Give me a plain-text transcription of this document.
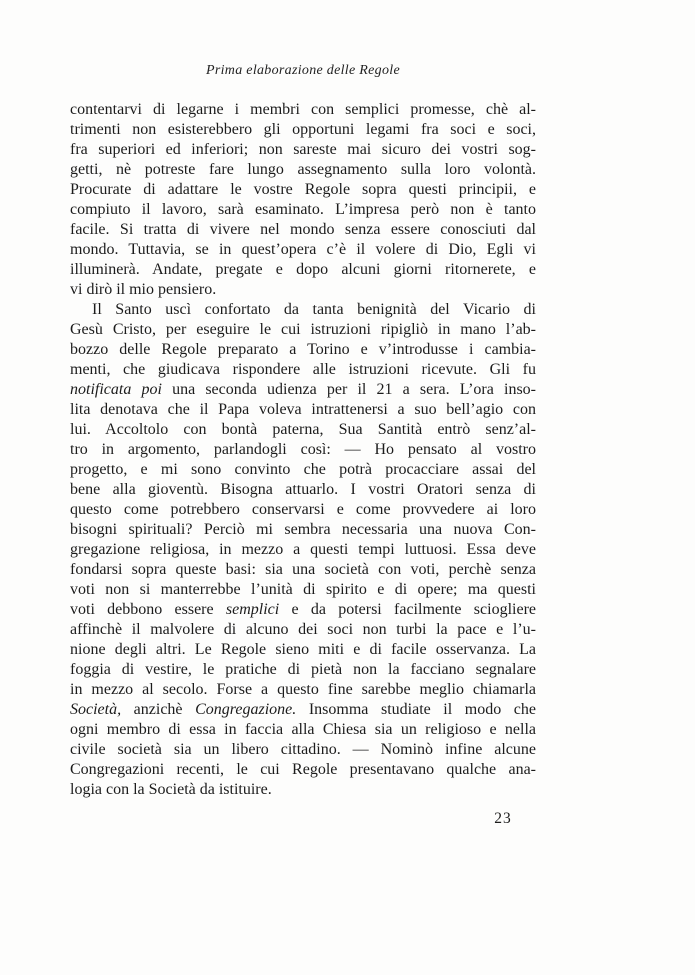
Prima elaborazione delle Regole
contentarvi di legarne i membri con semplici promesse, chè al-
trimenti non esisterebbero gli opportuni legami fra soci e soci,
fra superiori ed inferiori; non sareste mai sicuro dei vostri sog-
getti, nè potreste fare lungo assegnamento sulla loro volontà.
Procurate di adattare le vostre Regole sopra questi principii, e
compiuto il lavoro, sarà esaminato. L’impresa però non è tanto
facile. Si tratta di vivere nel mondo senza essere conosciuti dal
mondo. Tuttavia, se in quest’opera c’è il volere di Dio, Egli vi
illuminerà. Andate, pregate e dopo alcuni giorni ritornerete, e
vi dirò il mio pensiero.
Il Santo uscì confortato da tanta benignità del Vicario di
Gesù Cristo, per eseguire le cui istruzioni ripigliò in mano l’ab-
bozzo delle Regole preparato a Torino e v’introdusse i cambia-
menti, che giudicava rispondere alle istruzioni ricevute. Gli fu
notificata poi una seconda udienza per il 21 a sera. L’ora inso-
lita denotava che il Papa voleva intrattenersi a suo bell’agio con
lui. Accoltolo con bontà paterna, Sua Santità entrò senz’al-
tro in argomento, parlandogli così: — Ho pensato al vostro
progetto, e mi sono convinto che potrà procacciare assai del
bene alla gioventù. Bisogna attuarlo. I vostri Oratori senza di
questo come potrebbero conservarsi e come provvedere ai loro
bisogni spirituali? Perciò mi sembra necessaria una nuova Con-
gregazione religiosa, in mezzo a questi tempi luttuosi. Essa deve
fondarsi sopra queste basi: sia una società con voti, perchè senza
voti non si manterrebbe l’unità di spirito e di opere; ma questi
voti debbono essere semplici e da potersi facilmente sciogliere
affinchè il malvolere di alcuno dei soci non turbi la pace e l’u-
nione degli altri. Le Regole sieno miti e di facile osservanza. La
foggia di vestire, le pratiche di pietà non la facciano segnalare
in mezzo al secolo. Forse a questo fine sarebbe meglio chiamarla
Società, anzichè Congregazione. Insomma studiate il modo che
ogni membro di essa in faccia alla Chiesa sia un religioso e nella
civile società sia un libero cittadino. — Nominò infine alcune
Congregazioni recenti, le cui Regole presentavano qualche ana-
logia con la Società da istituire.
23
